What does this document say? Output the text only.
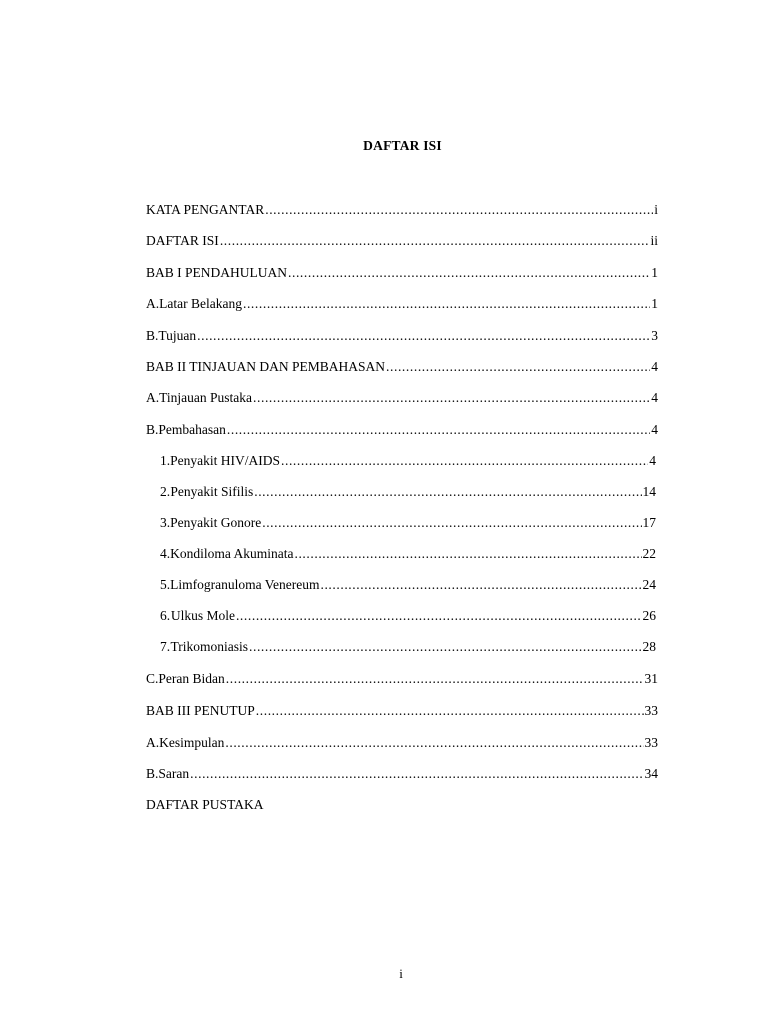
DAFTAR ISI
KATA PENGANTAR .....	i
DAFTAR ISI .....	ii
BAB I PENDAHULUAN .....	1
A. Latar Belakang .....	1
B. Tujuan .....	3
BAB II TINJAUAN DAN PEMBAHASAN .....	4
A. Tinjauan Pustaka .....	4
B. Pembahasan .....	4
1. Penyakit HIV/AIDS .....	4
2. Penyakit Sifilis .....	14
3. Penyakit Gonore .....	17
4. Kondiloma Akuminata .....	22
5. Limfogranuloma Venereum .....	24
6. Ulkus Mole .....	26
7. Trikomoniasis .....	28
C. Peran Bidan .....	31
BAB III PENUTUP .....	33
A. Kesimpulan .....	33
B. Saran .....	34
DAFTAR PUSTAKA
i
